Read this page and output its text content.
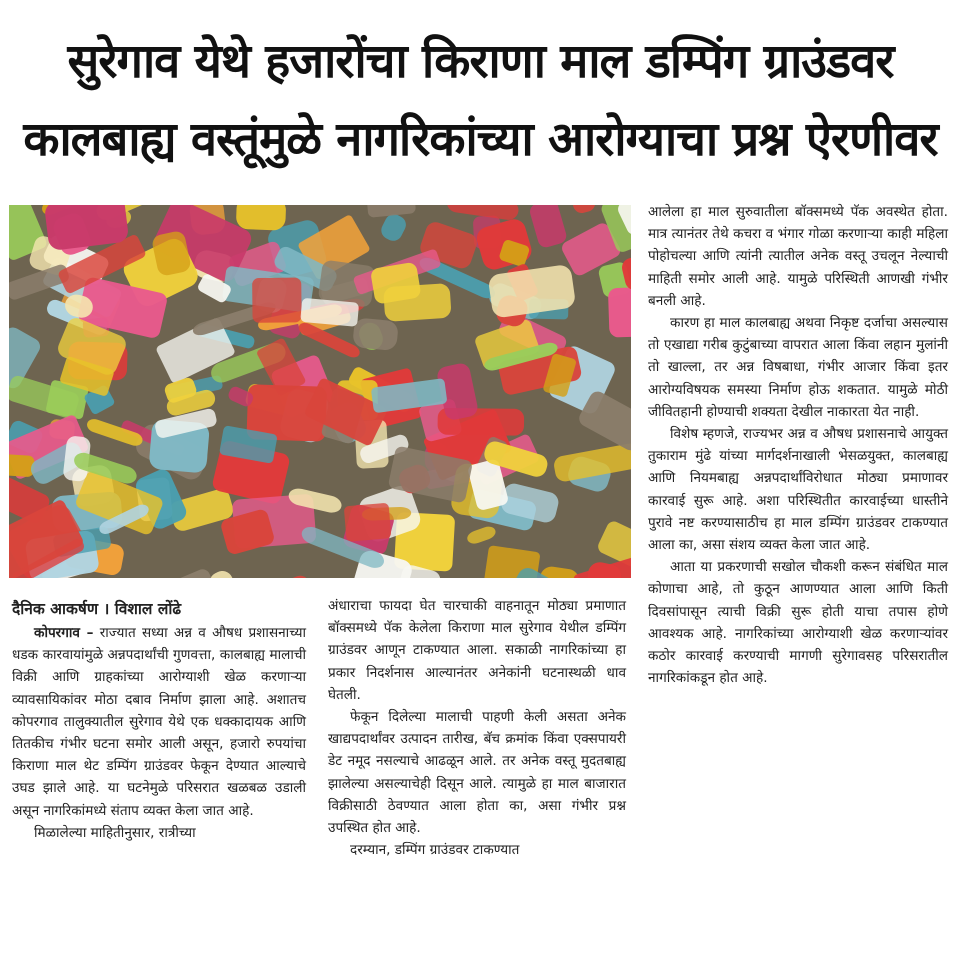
सुरेगाव येथे हजारोंचा किराणा माल डम्पिंग ग्राउंडवर
कालबाह्य वस्तूंमुळे नागरिकांच्या आरोग्याचा प्रश्न ऐरणीवर
दैनिक आकर्षण । विशाल लोंढे

कोपरगाव – राज्यात सध्या अन्न व औषध प्रशासनाच्या धडक कारवायांमुळे अन्नपदार्थांची गुणवत्ता, कालबाह्य मालाची विक्री आणि ग्राहकांच्या आरोग्याशी खेळ करणाऱ्या व्यावसायिकांवर मोठा दबाव निर्माण झाला आहे. अशातच कोपरगाव तालुक्यातील सुरेगाव येथे एक धक्कादायक आणि तितकीच गंभीर घटना समोर आली असून, हजारो रुपयांचा किराणा माल थेट डम्पिंग ग्राउंडवर फेकून देण्यात आल्याचे उघड झाले आहे. या घटनेमुळे परिसरात खळबळ उडाली असून नागरिकांमध्ये संताप व्यक्त केला जात आहे.

मिळालेल्या माहितीनुसार, रात्रीच्या

अंधाराचा फायदा घेत चारचाकी वाहनातून मोठ्या प्रमाणात बॉक्समध्ये पॅक केलेला किराणा माल सुरेगाव येथील डम्पिंग ग्राउंडवर आणून टाकण्यात आला. सकाळी नागरिकांच्या हा प्रकार निदर्शनास आल्यानंतर अनेकांनी घटनास्थळी धाव घेतली.

फेकून दिलेल्या मालाची पाहणी केली असता अनेक खाद्यपदार्थांवर उत्पादन तारीख, बॅच क्रमांक किंवा एक्सपायरी डेट नमूद नसल्याचे आढळून आले. तर अनेक वस्तू मुदतबाह्य झालेल्या असल्याचेही दिसून आले. त्यामुळे हा माल बाजारात विक्रीसाठी ठेवण्यात आला होता का, असा गंभीर प्रश्न उपस्थित होत आहे.

दरम्यान, डम्पिंग ग्राउंडवर टाकण्यात

आलेला हा माल सुरुवातीला बॉक्समध्ये पॅक अवस्थेत होता. मात्र त्यानंतर तेथे कचरा व भंगार गोळा करणाऱ्या काही महिला पोहोचल्या आणि त्यांनी त्यातील अनेक वस्तू उचलून नेल्याची माहिती समोर आली आहे. यामुळे परिस्थिती आणखी गंभीर बनली आहे.

कारण हा माल कालबाह्य अथवा निकृष्ट दर्जाचा असल्यास तो एखाद्या गरीब कुटुंबाच्या वापरात आला किंवा लहान मुलांनी तो खाल्ला, तर अन्न विषबाधा, गंभीर आजार किंवा इतर आरोग्यविषयक समस्या निर्माण होऊ शकतात. यामुळे मोठी जीवितहानी होण्याची शक्यता देखील नाकारता येत नाही.

विशेष म्हणजे, राज्यभर अन्न व औषध प्रशासनाचे आयुक्त तुकाराम मुंढे यांच्या मार्गदर्शनाखाली भेसळयुक्त, कालबाह्य आणि नियमबाह्य अन्नपदार्थांविरोधात मोठ्या प्रमाणावर कारवाई सुरू आहे. अशा परिस्थितीत कारवाईच्या धास्तीने पुरावे नष्ट करण्यासाठीच हा माल डम्पिंग ग्राउंडवर टाकण्यात आला का, असा संशय व्यक्त केला जात आहे.

आता या प्रकरणाची सखोल चौकशी करून संबंधित माल कोणाचा आहे, तो कुठून आणण्यात आला आणि किती दिवसांपासून त्याची विक्री सुरू होती याचा तपास होणे आवश्यक आहे. नागरिकांच्या आरोग्याशी खेळ करणाऱ्यांवर कठोर कारवाई करण्याची मागणी सुरेगावसह परिसरातील नागरिकांकडून होत आहे.
